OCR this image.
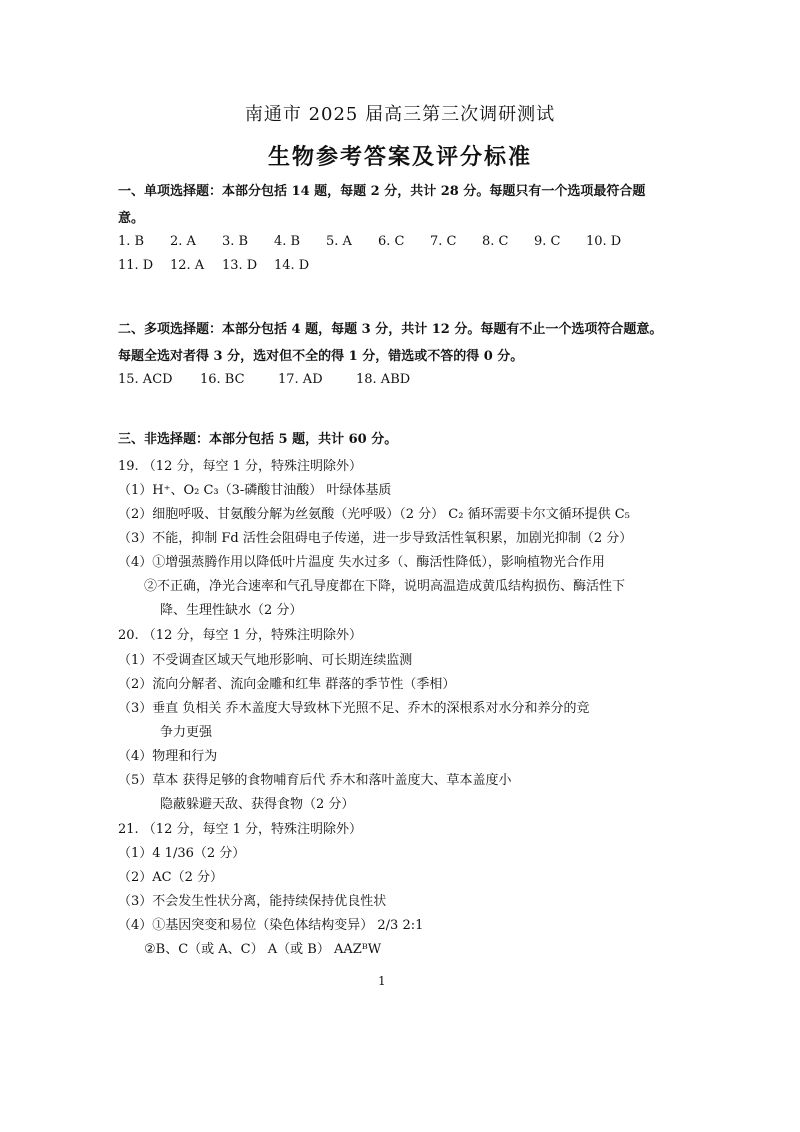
南通市 2025 届高三第三次调研测试
生物参考答案及评分标准
一、单项选择题：本部分包括 14 题，每题 2 分，共计 28 分。每题只有一个选项最符合题
意。
1. B 2. A 3. B 4. B 5. A 6. C 7. C 8. C 9. C 10. D
11. D 12. A 13. D 14. D
二、多项选择题：本部分包括 4 题，每题 3 分，共计 12 分。每题有不止一个选项符合题意。
每题全选对者得 3 分，选对但不全的得 1 分，错选或不答的得 0 分。
15. ACD 16. BC	17. AD	18. ABD
三、非选择题：本部分包括 5 题，共计 60 分。
19. （12 分，每空 1 分，特殊注明除外）
（1）H⁺、O₂ C₃（3-磷酸甘油酸） 叶绿体基质
（2）细胞呼吸、甘氨酸分解为丝氨酸（光呼吸）（2 分） C₂ 循环需要卡尔文循环提供 C₅
（3）不能，抑制 Fd 活性会阻碍电子传递，进一步导致活性氧积累，加剧光抑制（2 分）
（4）①增强蒸腾作用以降低叶片温度 失水过多（、酶活性降低），影响植物光合作用
②不正确，净光合速率和气孔导度都在下降，说明高温造成黄瓜结构损伤、酶活性下
降、生理性缺水（2 分）
20. （12 分，每空 1 分，特殊注明除外）
（1）不受调查区域天气地形影响、可长期连续监测
（2）流向分解者、流向金雕和红隼 群落的季节性（季相）
（3）垂直 负相关 乔木盖度大导致林下光照不足、乔木的深根系对水分和养分的竞
争力更强
（4）物理和行为
（5）草本 获得足够的食物哺育后代 乔木和落叶盖度大、草本盖度小
隐蔽躲避天敌、获得食物（2 分）
21. （12 分，每空 1 分，特殊注明除外）
（1）4 1/36（2 分）
（2）AC（2 分）
（3）不会发生性状分离，能持续保持优良性状
（4）①基因突变和易位（染色体结构变异） 2/3 2:1
②B、C（或 A、C） A（或 B） AAZᴮW
1
